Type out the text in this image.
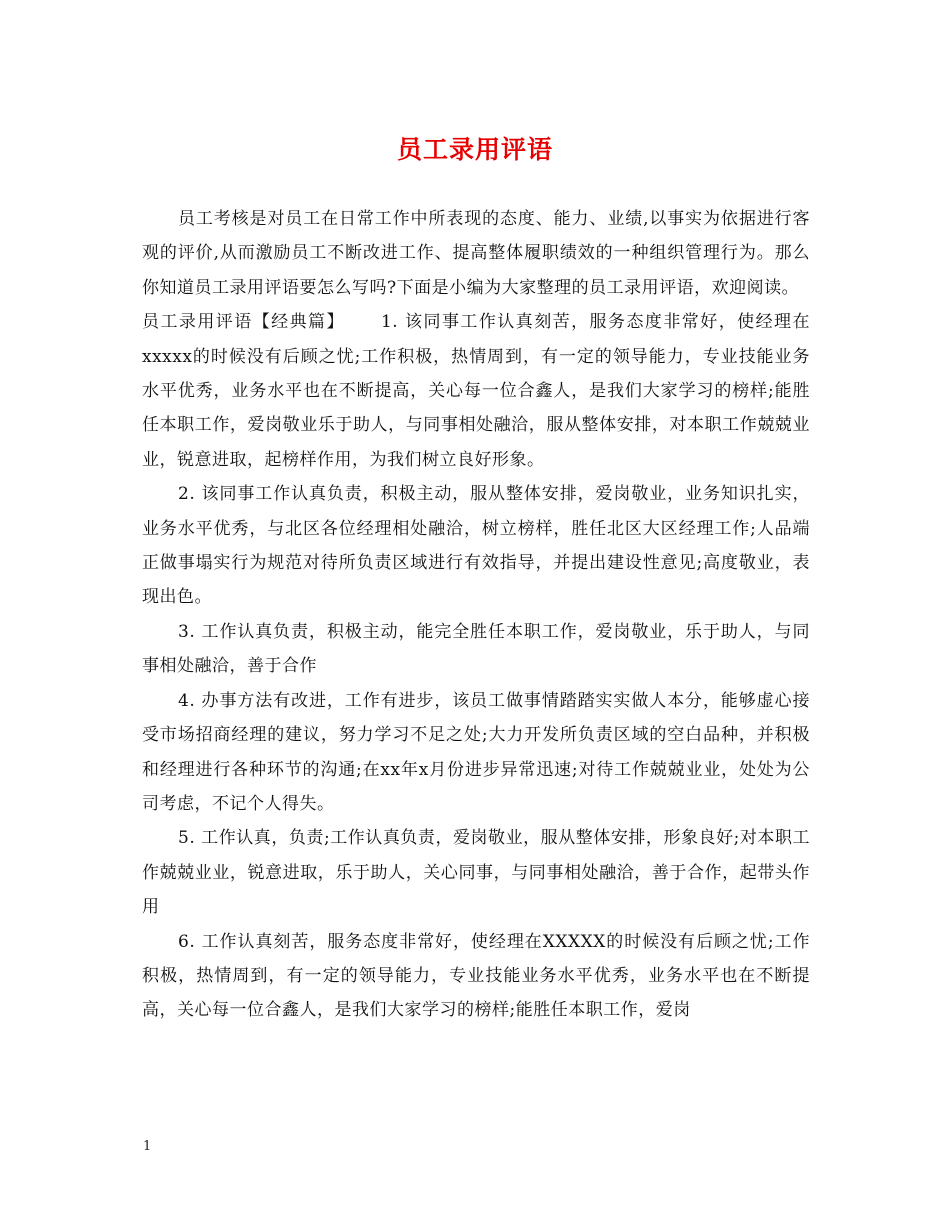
员工录用评语

员工考核是对员工在日常工作中所表现的态度、能力、业绩,以事实为依据进行客观的评价,从而激励员工不断改进工作、提高整体履职绩效的一种组织管理行为。那么你知道员工录用评语要怎么写吗?下面是小编为大家整理的员工录用评语，欢迎阅读。

员工录用评语【经典篇】 1. 该同事工作认真刻苦，服务态度非常好，使经理在xxxxx的时候没有后顾之忧;工作积极，热情周到，有一定的领导能力，专业技能业务水平优秀，业务水平也在不断提高，关心每一位合鑫人，是我们大家学习的榜样;能胜任本职工作，爱岗敬业乐于助人，与同事相处融洽，服从整体安排，对本职工作兢兢业业，锐意进取，起榜样作用，为我们树立良好形象。

2. 该同事工作认真负责，积极主动，服从整体安排，爱岗敬业，业务知识扎实，业务水平优秀，与北区各位经理相处融洽，树立榜样，胜任北区大区经理工作;人品端正做事塌实行为规范对待所负责区域进行有效指导，并提出建设性意见;高度敬业，表现出色。

3. 工作认真负责，积极主动，能完全胜任本职工作，爱岗敬业，乐于助人，与同事相处融洽，善于合作

4. 办事方法有改进，工作有进步，该员工做事情踏踏实实做人本分，能够虚心接受市场招商经理的建议，努力学习不足之处;大力开发所负责区域的空白品种，并积极和经理进行各种环节的沟通;在xx年x月份进步异常迅速;对待工作兢兢业业，处处为公司考虑，不记个人得失。

5. 工作认真，负责;工作认真负责，爱岗敬业，服从整体安排，形象良好;对本职工作兢兢业业，锐意进取，乐于助人，关心同事，与同事相处融洽，善于合作，起带头作用

6. 工作认真刻苦，服务态度非常好，使经理在XXXXX的时候没有后顾之忧;工作积极，热情周到，有一定的领导能力，专业技能业务水平优秀，业务水平也在不断提高，关心每一位合鑫人，是我们大家学习的榜样;能胜任本职工作，爱岗

1
